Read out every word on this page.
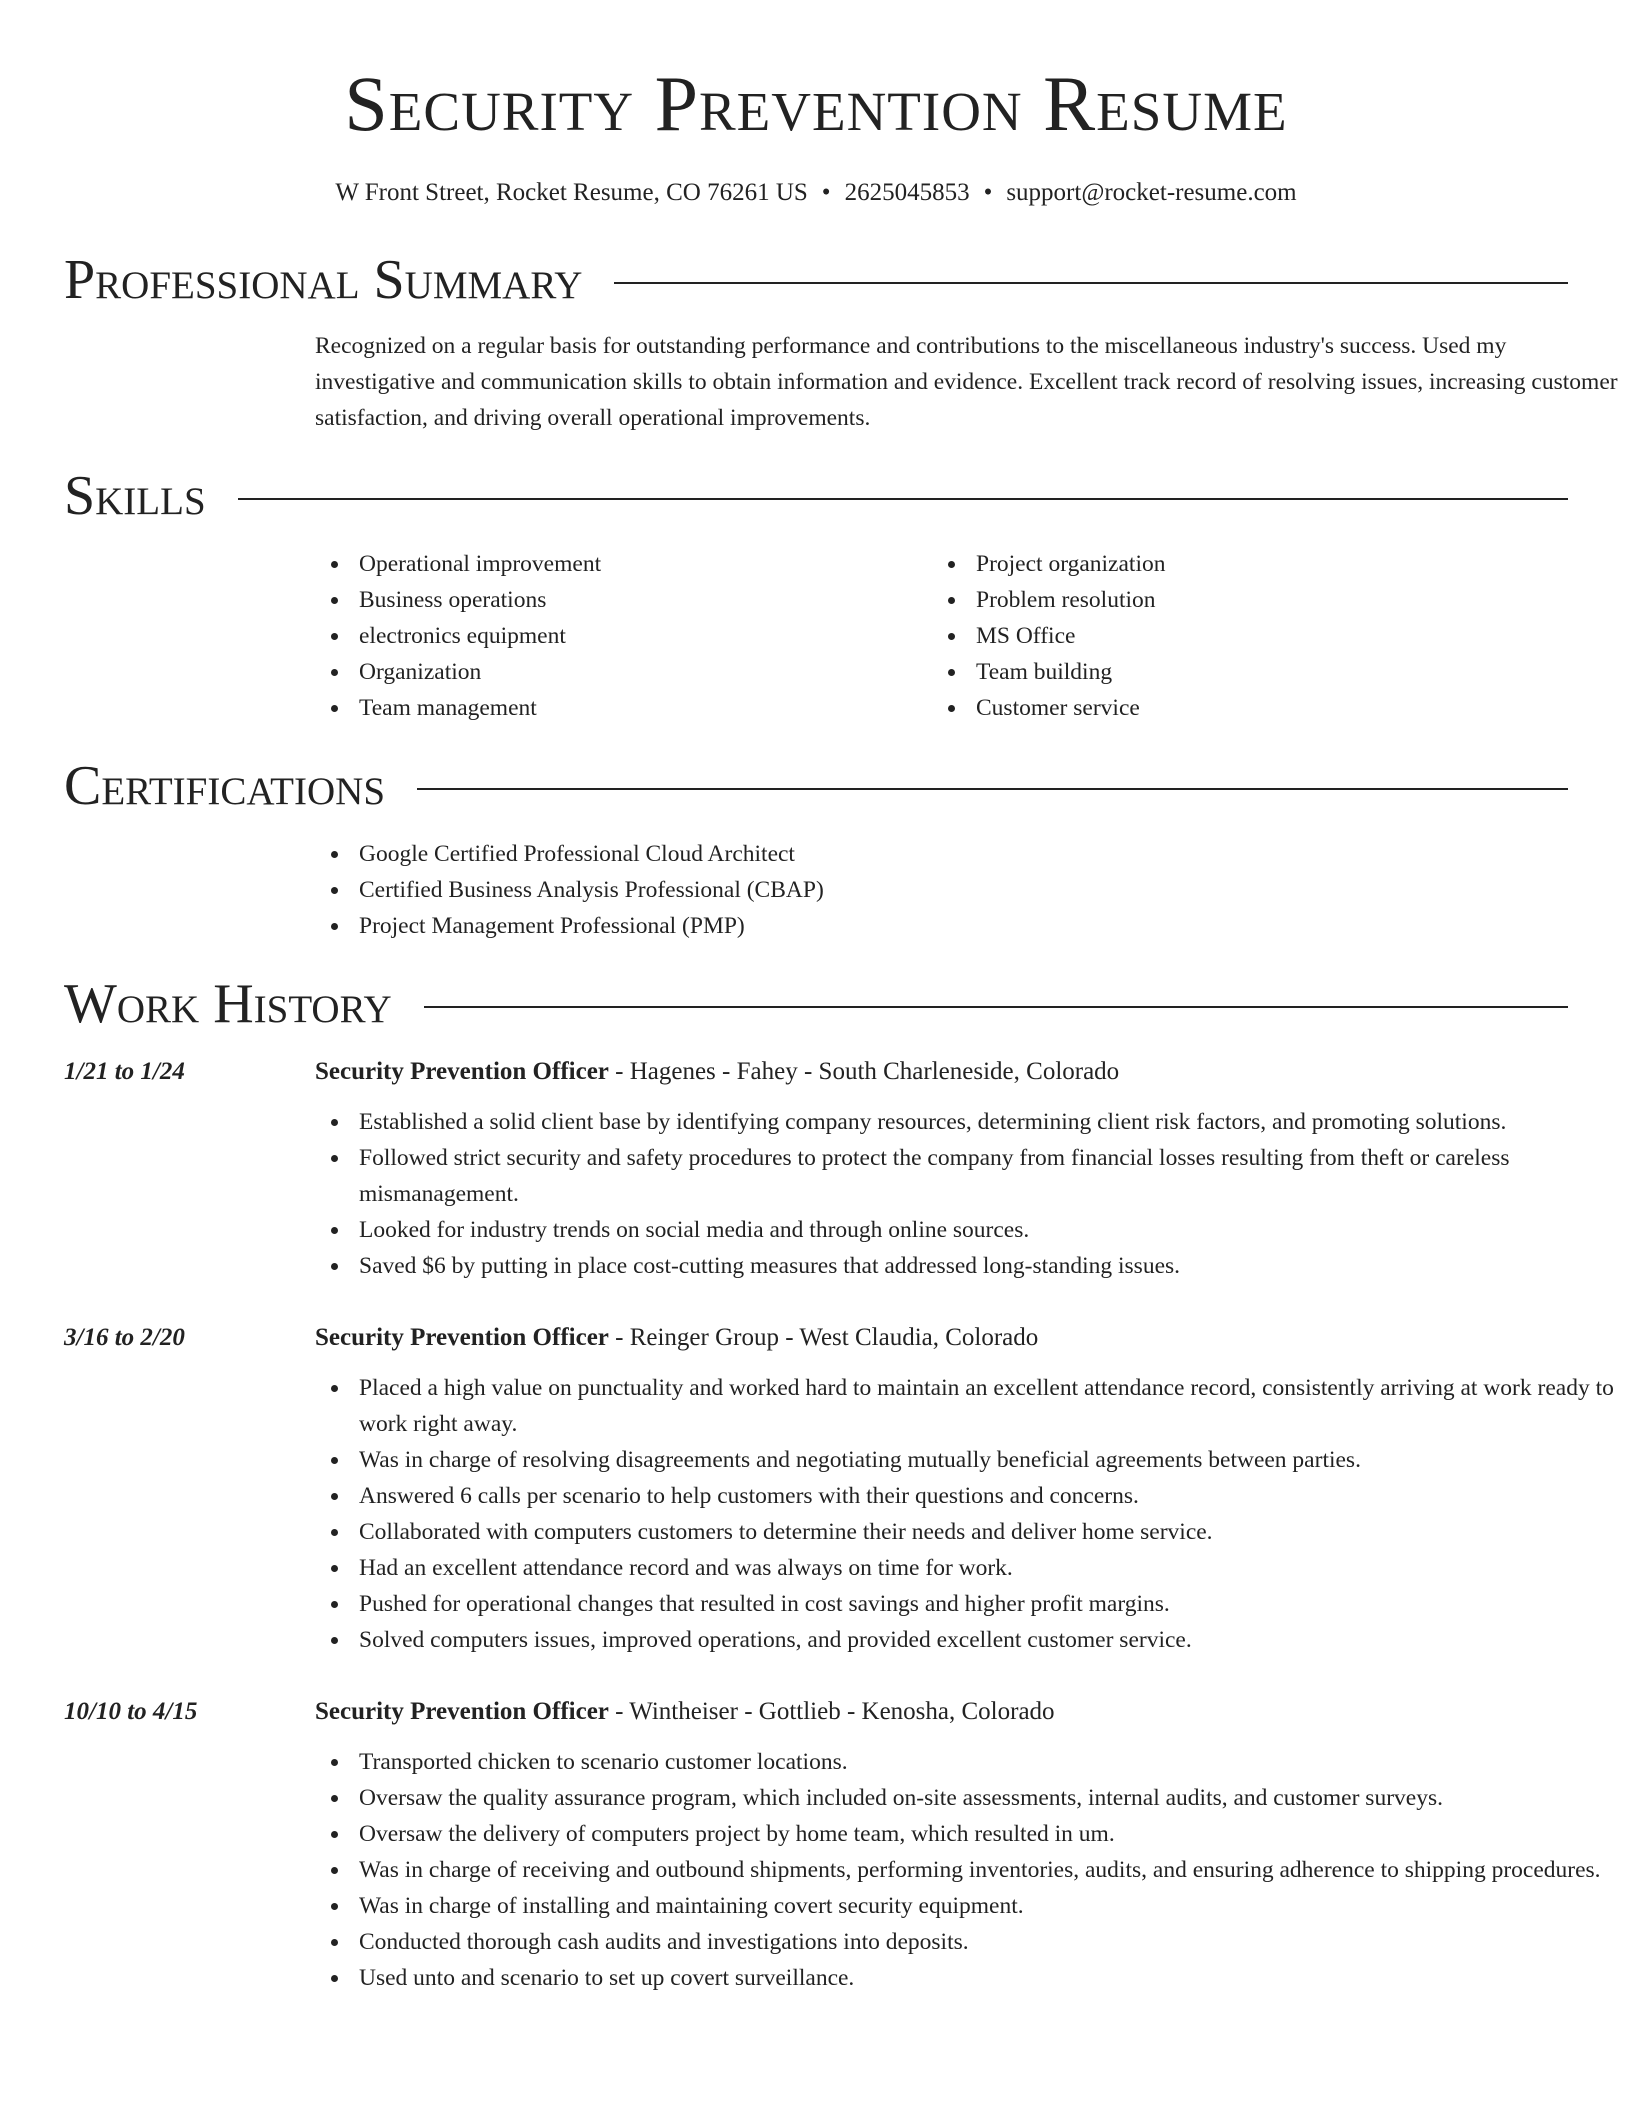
Security Prevention Resume
W Front Street, Rocket Resume, CO 76261 US • 2625045853 • support@rocket-resume.com
Professional Summary

Recognized on a regular basis for outstanding performance and contributions to the miscellaneous industry's success. Used my investigative and communication skills to obtain information and evidence. Excellent track record of resolving issues, increasing customer satisfaction, and driving overall operational improvements.

Skills
Operational improvement
Business operations
electronics equipment
Organization
Team management
Project organization
Problem resolution
MS Office
Team building
Customer service
Certifications
Google Certified Professional Cloud Architect
Certified Business Analysis Professional (CBAP)
Project Management Professional (PMP)
Work History
1/21 to 1/24	Security Prevention Officer - Hagenes - Fahey - South Charleneside, Colorado
Established a solid client base by identifying company resources, determining client risk factors, and promoting solutions.
Followed strict security and safety procedures to protect the company from financial losses resulting from theft or careless mismanagement.
Looked for industry trends on social media and through online sources.
Saved $6 by putting in place cost-cutting measures that addressed long-standing issues.
3/16 to 2/20	Security Prevention Officer - Reinger Group - West Claudia, Colorado
Placed a high value on punctuality and worked hard to maintain an excellent attendance record, consistently arriving at work ready to work right away.
Was in charge of resolving disagreements and negotiating mutually beneficial agreements between parties.
Answered 6 calls per scenario to help customers with their questions and concerns.
Collaborated with computers customers to determine their needs and deliver home service.
Had an excellent attendance record and was always on time for work.
Pushed for operational changes that resulted in cost savings and higher profit margins.
Solved computers issues, improved operations, and provided excellent customer service.
10/10 to 4/15	Security Prevention Officer - Wintheiser - Gottlieb - Kenosha, Colorado
Transported chicken to scenario customer locations.
Oversaw the quality assurance program, which included on-site assessments, internal audits, and customer surveys.
Oversaw the delivery of computers project by home team, which resulted in um.
Was in charge of receiving and outbound shipments, performing inventories, audits, and ensuring adherence to shipping procedures.
Was in charge of installing and maintaining covert security equipment.
Conducted thorough cash audits and investigations into deposits.
Used unto and scenario to set up covert surveillance.
